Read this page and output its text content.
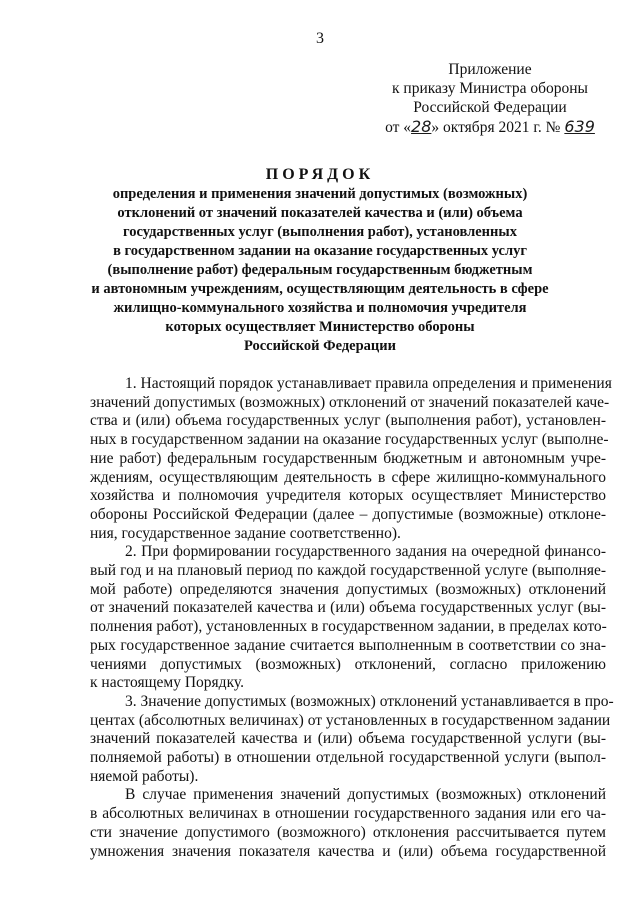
3
Приложение
к приказу Министра обороны
Российской Федерации
от «28» октября 2021 г. № 639
ПОРЯДОК
определения и применения значений допустимых (возможных)
отклонений от значений показателей качества и (или) объема
государственных услуг (выполнения работ), установленных
в государственном задании на оказание государственных услуг
(выполнение работ) федеральным государственным бюджетным
и автономным учреждениям, осуществляющим деятельность в сфере
жилищно-коммунального хозяйства и полномочия учредителя
которых осуществляет Министерство обороны
Российской Федерации
1. Настоящий порядок устанавливает правила определения и применения
значений допустимых (возможных) отклонений от значений показателей каче-
ства и (или) объема государственных услуг (выполнения работ), установлен-
ных в государственном задании на оказание государственных услуг (выполне-
ние работ) федеральным государственным бюджетным и автономным учре-
ждениям, осуществляющим деятельность в сфере жилищно-коммунального
хозяйства и полномочия учредителя которых осуществляет Министерство
обороны Российской Федерации (далее – допустимые (возможные) отклоне-
ния, государственное задание соответственно).
2. При формировании государственного задания на очередной финансо-
вый год и на плановый период по каждой государственной услуге (выполняе-
мой работе) определяются значения допустимых (возможных) отклонений
от значений показателей качества и (или) объема государственных услуг (вы-
полнения работ), установленных в государственном задании, в пределах кото-
рых государственное задание считается выполненным в соответствии со зна-
чениями допустимых (возможных) отклонений, согласно приложению
к настоящему Порядку.
3. Значение допустимых (возможных) отклонений устанавливается в про-
центах (абсолютных величинах) от установленных в государственном задании
значений показателей качества и (или) объема государственной услуги (вы-
полняемой работы) в отношении отдельной государственной услуги (выпол-
няемой работы).
В случае применения значений допустимых (возможных) отклонений
в абсолютных величинах в отношении государственного задания или его ча-
сти значение допустимого (возможного) отклонения рассчитывается путем
умножения значения показателя качества и (или) объема государственной
